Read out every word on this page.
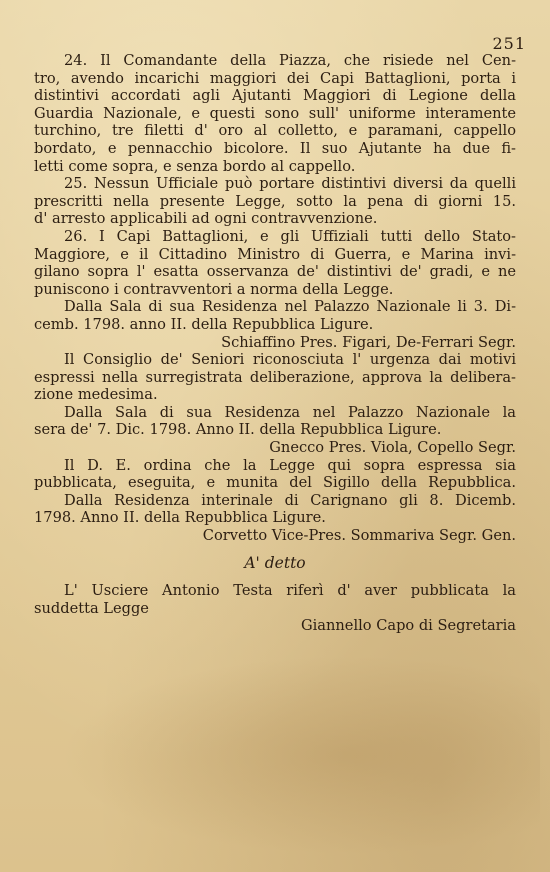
251
24. Il Comandante della Piazza, che risiede nel Cen-
tro, avendo incarichi maggiori dei Capi Battaglioni, porta i
distintivi accordati agli Ajutanti Maggiori di Legione della
Guardia Nazionale, e questi sono sull' uniforme interamente
turchino, tre filetti d' oro al colletto, e paramani, cappello
bordato, e pennacchio bicolore. Il suo Ajutante ha due fi-
letti come sopra, e senza bordo al cappello.
25. Nessun Ufficiale può portare distintivi diversi da quelli
prescritti nella presente Legge, sotto la pena di giorni 15.
d' arresto applicabili ad ogni contravvenzione.
26. I Capi Battaglioni, e gli Uffiziali tutti dello Stato-
Maggiore, e il Cittadino Ministro di Guerra, e Marina invi-
gilano sopra l' esatta osservanza de' distintivi de' gradi, e ne
puniscono i contravventori a norma della Legge.
Dalla Sala di sua Residenza nel Palazzo Nazionale li 3. Di-
cemb. 1798. anno II. della Repubblica Ligure.
Schiaffino Pres. Figari, De-Ferrari Segr.
Il Consiglio de' Seniori riconosciuta l' urgenza dai motivi
espressi nella surregistrata deliberazione, approva la delibera-
zione medesima.
Dalla Sala di sua Residenza nel Palazzo Nazionale la
sera de' 7. Dic. 1798. Anno II. della Repubblica Ligure.
Gnecco Pres. Viola, Copello Segr.
Il D. E. ordina che la Legge qui sopra espressa sia
pubblicata, eseguita, e munita del Sigillo della Repubblica.
Dalla Residenza interinale di Carignano gli 8. Dicemb.
1798. Anno II. della Repubblica Ligure.
Corvetto Vice-Pres. Sommariva Segr. Gen.
A' detto
L' Usciere Antonio Testa riferì d' aver pubblicata la
suddetta Legge
Giannello Capo di Segretaria
